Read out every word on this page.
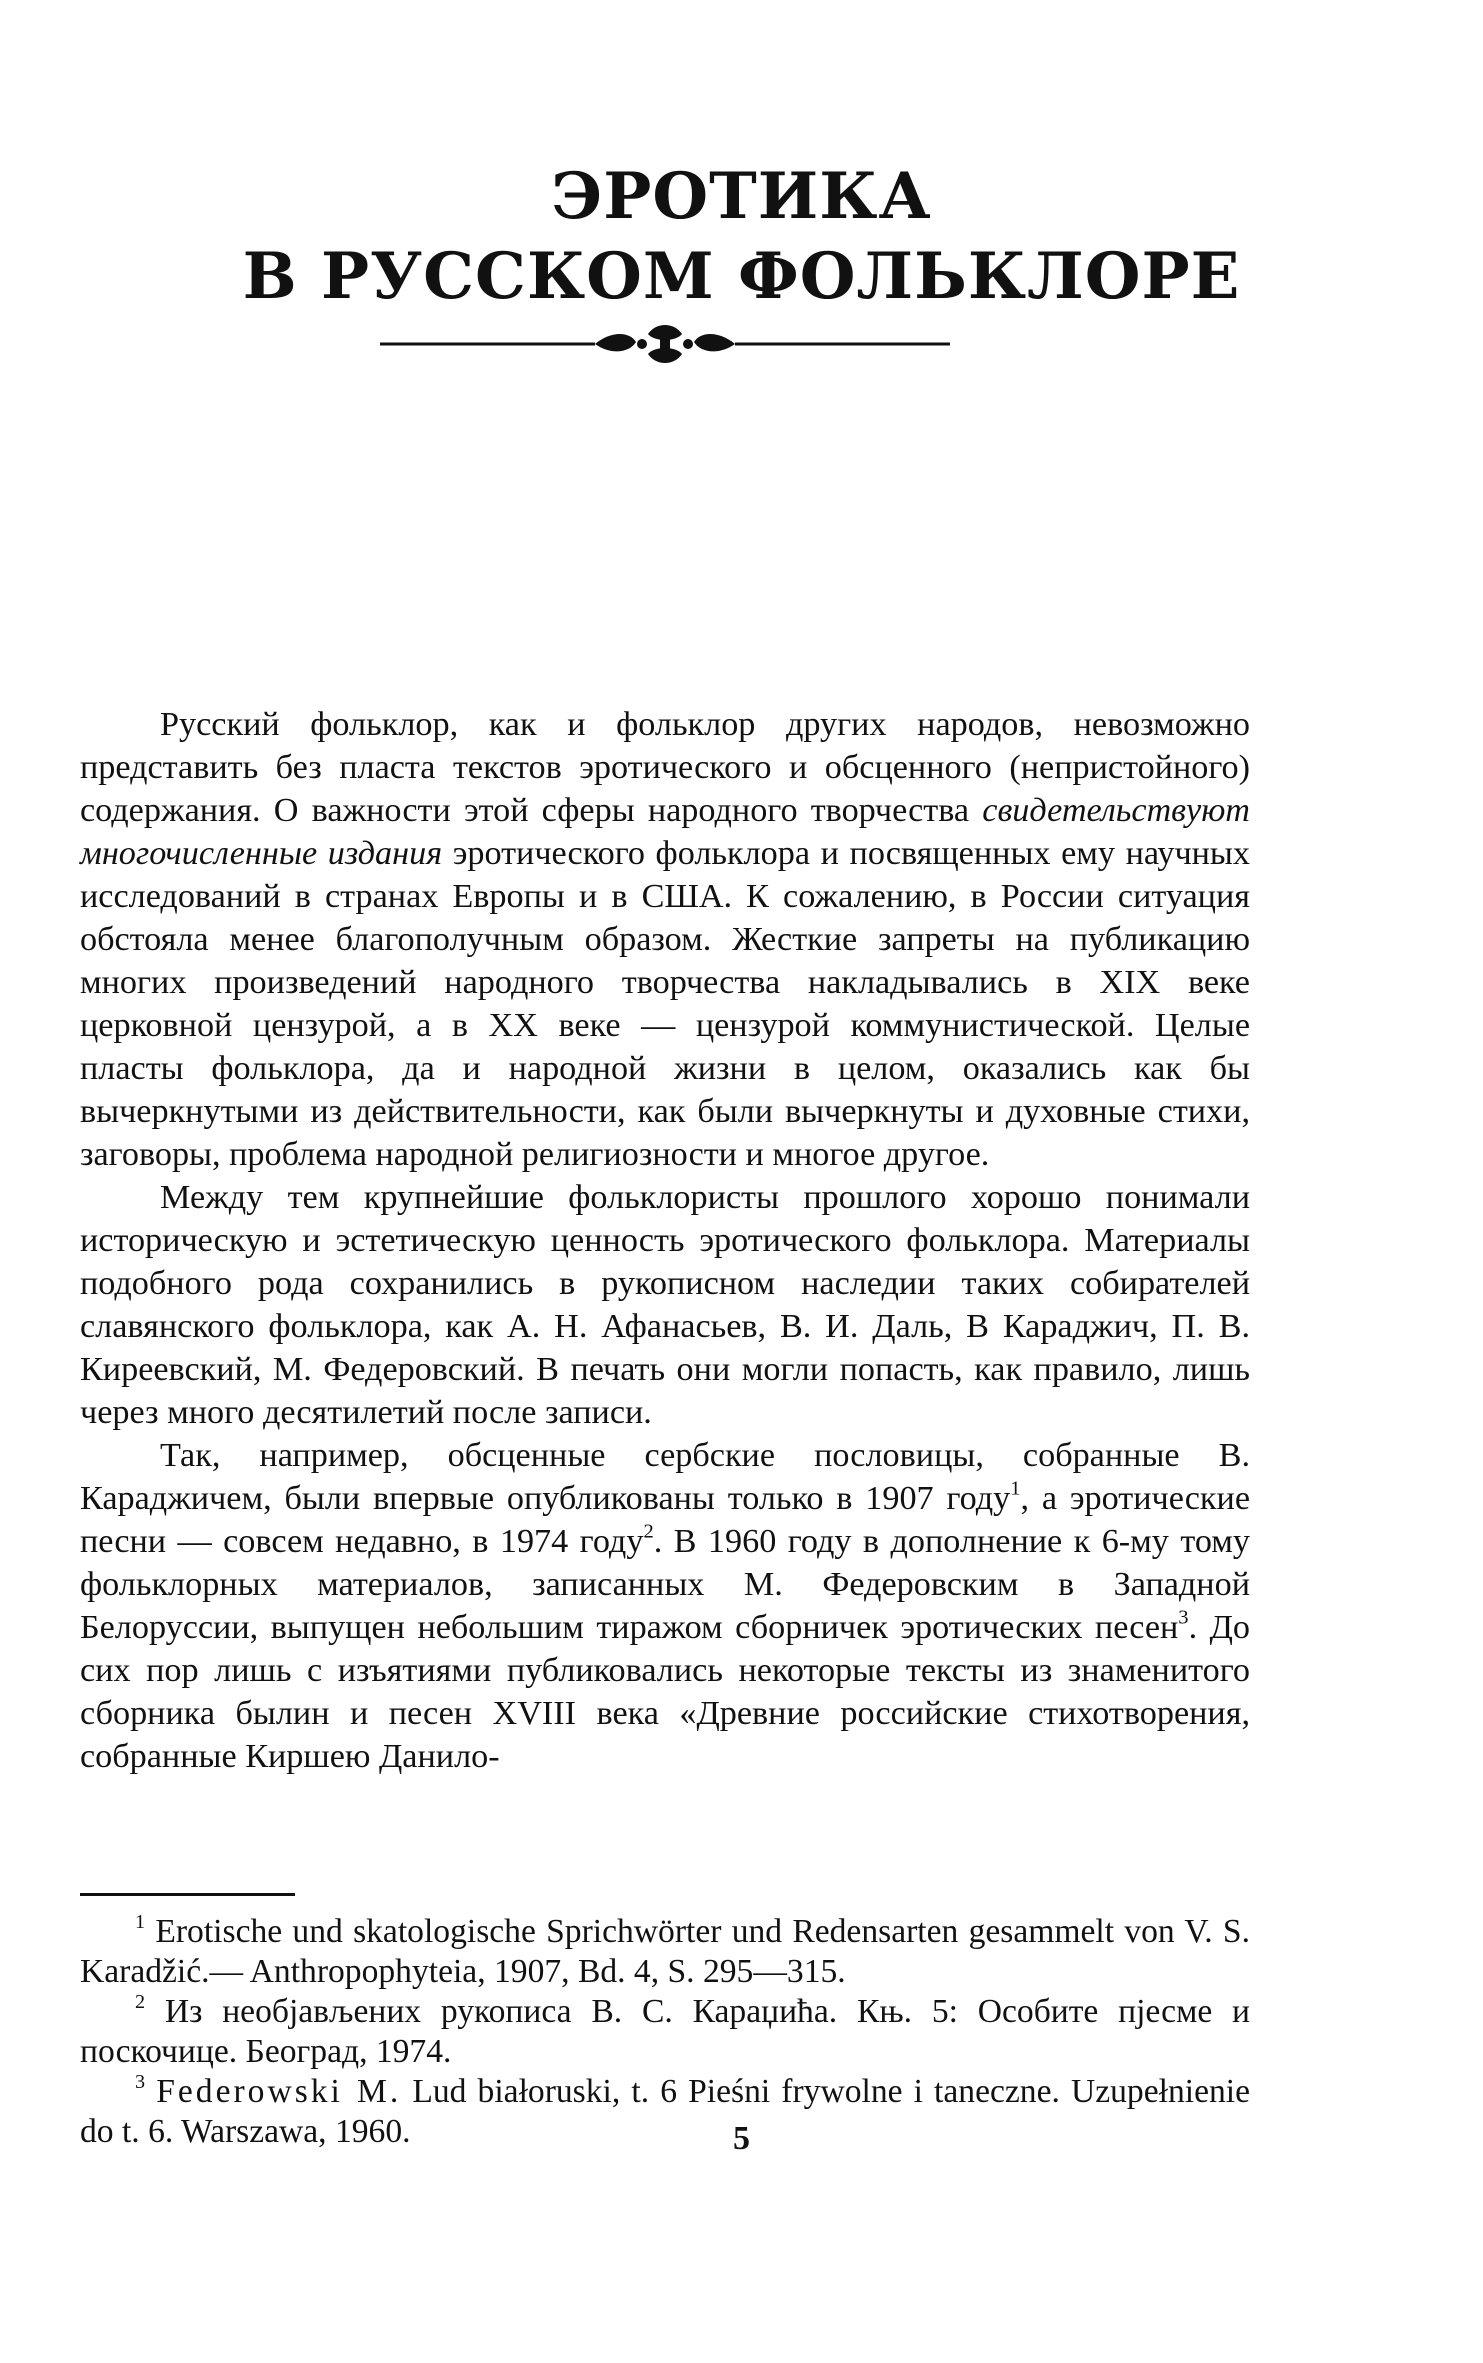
ЭРОТИКА
В РУССКОМ ФОЛЬКЛОРЕ

Русский фольклор, как и фольклор других народов, невозможно представить без пласта текстов эротического и обсценного (непристойного) содержания. О важности этой сферы народного творчества свидетельствуют многочисленные издания эротического фольклора и посвященных ему научных исследований в странах Европы и в США. К сожалению, в России ситуация обстояла менее благополучным образом. Жесткие запреты на публикацию многих произведений народного творчества накладывались в XIX веке церковной цензурой, а в XX веке — цензурой коммунистической. Целые пласты фольклора, да и народной жизни в целом, оказались как бы вычеркнутыми из действительности, как были вычеркнуты и духовные стихи, заговоры, проблема народной религиозности и многое другое.

Между тем крупнейшие фольклористы прошлого хорошо понимали историческую и эстетическую ценность эротического фольклора. Материалы подобного рода сохранились в рукописном наследии таких собирателей славянского фольклора, как А. Н. Афанасьев, В. И. Даль, В Караджич, П. В. Киреевский, М. Федеровский. В печать они могли попасть, как правило, лишь через много десятилетий после записи.

Так, например, обсценные сербские пословицы, собранные В. Караджичем, были впервые опубликованы только в 1907 году$^1$, а эротические песни — совсем недавно, в 1974 году$^2$. В 1960 году в дополнение к 6-му тому фольклорных материалов, записанных М. Федеровским в Западной Белоруссии, выпущен небольшим тиражом сборничек эротических песен$^3$. До сих пор лишь с изъятиями публиковались некоторые тексты из знаменитого сборника былин и песен XVIII века «Древние российские стихотворения, собранные Киршею Данило-

$^1$ Erotische und skatologische Sprichwörter und Redensarten gesammelt von V. S. Karadžić.— Anthropophyteia, 1907, Bd. 4, S. 295—315.

$^2$ Из необјављених рукописа В. С. Караџића. Књ. 5: Особите пјесме и поскочице. Београд, 1974.

$^3$ Federowski M. Lud białoruski, t. 6 Pieśni frywolne i taneczne. Uzupełnienie do t. 6. Warszawa, 1960.	5
